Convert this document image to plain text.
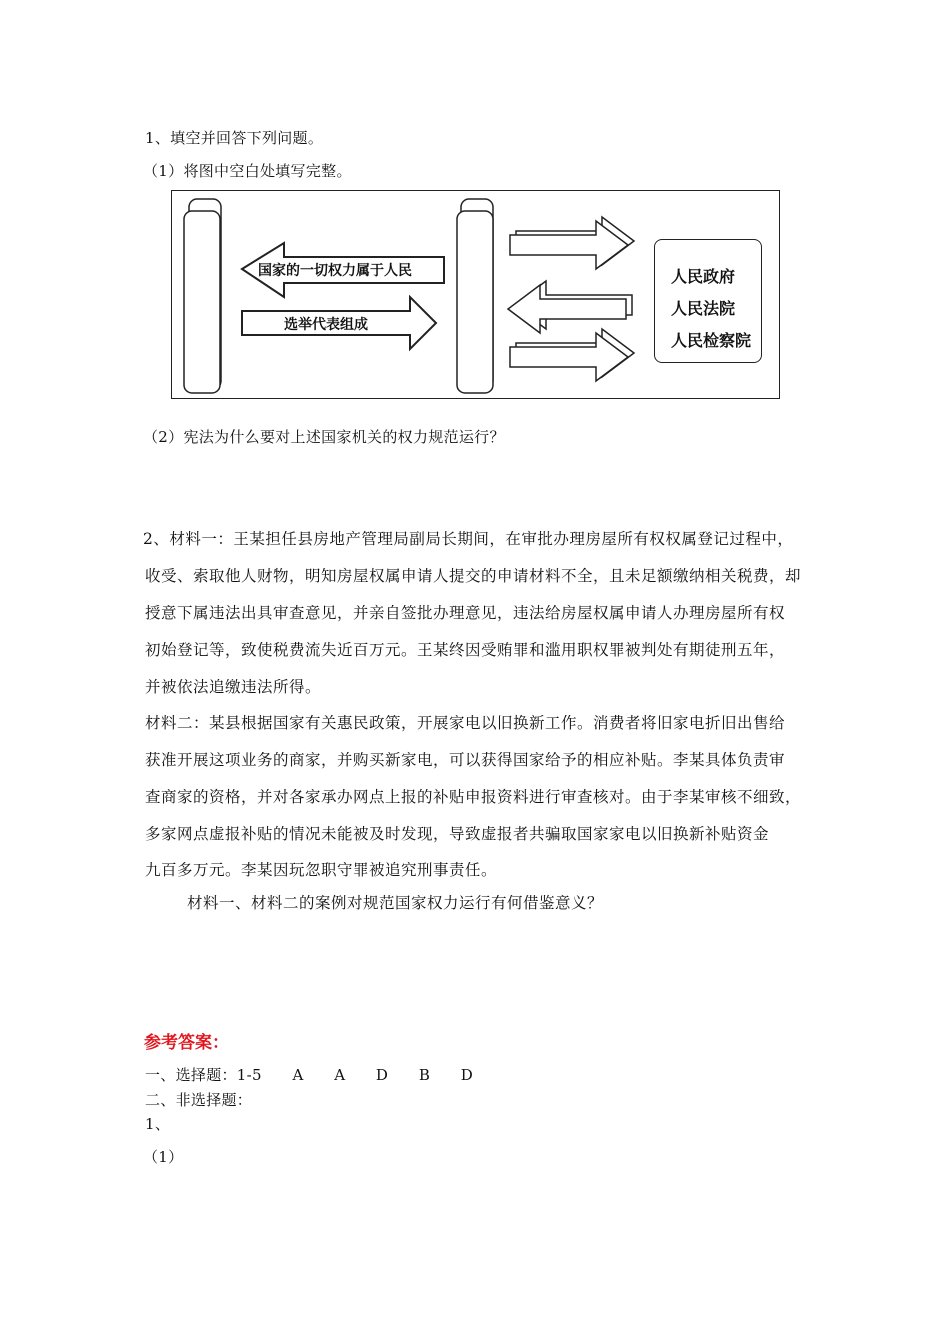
1、填空并回答下列问题。
（1）将图中空白处填写完整。
国家的一切权力属于人民
选举代表组成
人民政府
人民法院
人民检察院
（2）宪法为什么要对上述国家机关的权力规范运行？
2、材料一：王某担任县房地产管理局副局长期间，在审批办理房屋所有权权属登记过程中，
收受、索取他人财物，明知房屋权属申请人提交的申请材料不全，且未足额缴纳相关税费，却
授意下属违法出具审查意见，并亲自签批办理意见，违法给房屋权属申请人办理房屋所有权
初始登记等，致使税费流失近百万元。王某终因受贿罪和滥用职权罪被判处有期徒刑五年，
并被依法追缴违法所得。
材料二：某县根据国家有关惠民政策，开展家电以旧换新工作。消费者将旧家电折旧出售给
获准开展这项业务的商家，并购买新家电，可以获得国家给予的相应补贴。李某具体负责审
查商家的资格，并对各家承办网点上报的补贴申报资料进行审查核对。由于李某审核不细致，
多家网点虚报补贴的情况未能被及时发现，导致虚报者共骗取国家家电以旧换新补贴资金
九百多万元。李某因玩忽职守罪被追究刑事责任。
材料一、材料二的案例对规范国家权力运行有何借鉴意义？
参考答案：
一、选择题：1-5　　A　　A　　D　　B　　D
二、非选择题：
1、
（1）
